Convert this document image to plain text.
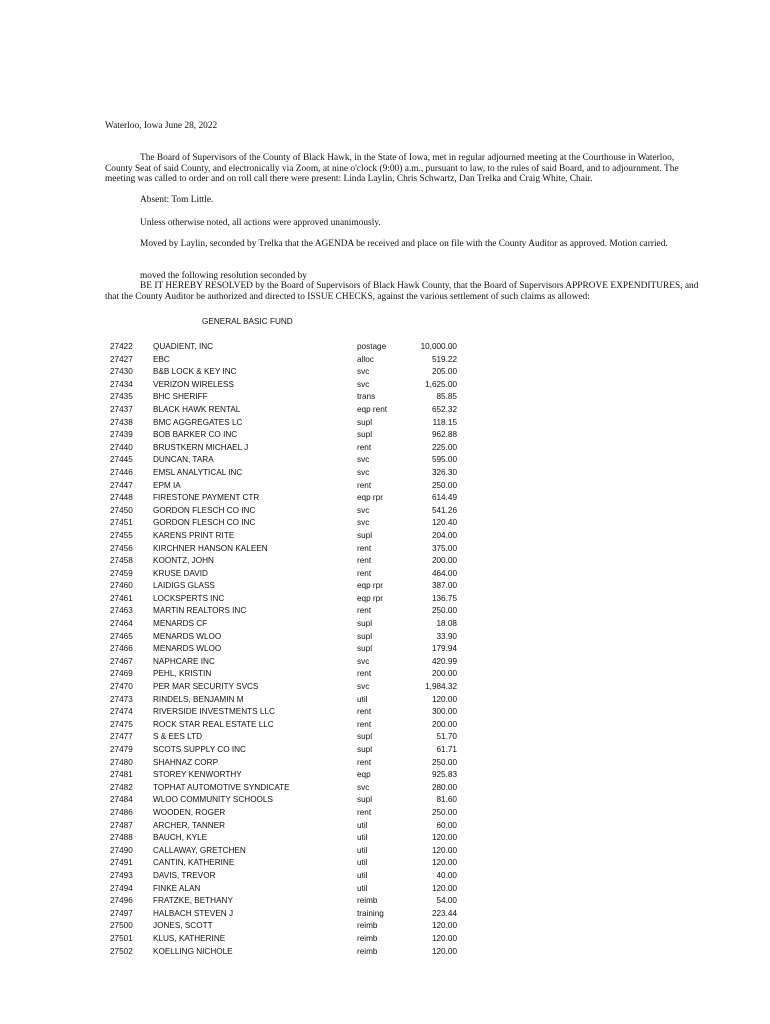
Waterloo, Iowa June 28, 2022

The Board of Supervisors of the County of Black Hawk, in the State of Iowa, met in regular adjourned meeting at the Courthouse in Waterloo, County Seat of said County, and electronically via Zoom, at nine o'clock (9:00) a.m., pursuant to law, to the rules of said Board, and to adjournment. The meeting was called to order and on roll call there were present: Linda Laylin, Chris Schwartz, Dan Trelka and Craig White, Chair.

Absent: Tom Little.

Unless otherwise noted, all actions were approved unanimously.

Moved by Laylin, seconded by Trelka that the AGENDA be received and place on file with the County Auditor as approved. Motion carried.

moved the following resolution seconded by

BE IT HEREBY RESOLVED by the Board of Supervisors of Black Hawk County, that the Board of Supervisors APPROVE EXPENDITURES, and that the County Auditor be authorized and directed to ISSUE CHECKS, against the various settlement of such claims as allowed:

GENERAL BASIC FUND

27422 QUADIENT, INC	postage	10,000.00
27427 EBC	alloc	519.22
27430 B&B LOCK & KEY INC	svc	205.00
27434 VERIZON WIRELESS	svc	1,625.00
27435 BHC SHERIFF	trans	85.85
27437 BLACK HAWK RENTAL	eqp rent	652.32
27438 BMC AGGREGATES LC	supl	118.15
27439 BOB BARKER CO INC	supl	962.88
27440 BRUSTKERN MICHAEL J	rent	225.00
27445 DUNCAN, TARA	svc	595.00
27446 EMSL ANALYTICAL INC	svc	326.30
27447 EPM IA	rent	250.00
27448 FIRESTONE PAYMENT CTR	eqp rpr	614.49
27450 GORDON FLESCH CO INC	svc	541.26
27451 GORDON FLESCH CO INC	svc	120.40
27455 KARENS PRINT RITE	supl	204.00
27456 KIRCHNER HANSON KALEEN	rent	375.00
27458 KOONTZ, JOHN	rent	200.00
27459 KRUSE DAVID	rent	464.00
27460 LAIDIGS GLASS	eqp rpr	387.00
27461 LOCKSPERTS INC	eqp rpr	136.75
27463 MARTIN REALTORS INC	rent	250.00
27464 MENARDS CF	supl	18.08
27465 MENARDS WLOO	supl	33.90
27466 MENARDS WLOO	supl	179.94
27467 NAPHCARE INC	svc	420.99
27469 PEHL, KRISTIN	rent	200.00
27470 PER MAR SECURITY SVCS	svc	1,984.32
27473 RINDELS, BENJAMIN M	util	120.00
27474 RIVERSIDE INVESTMENTS LLC	rent	300.00
27475 ROCK STAR REAL ESTATE LLC	rent	200.00
27477 S & EES LTD	supl	51.70
27479 SCOTS SUPPLY CO INC	supl	61.71
27480 SHAHNAZ CORP	rent	250.00
27481 STOREY KENWORTHY	eqp	925.83
27482 TOPHAT AUTOMOTIVE SYNDICATE	svc	280.00
27484 WLOO COMMUNITY SCHOOLS	supl	81.60
27486 WOODEN, ROGER	rent	250.00
27487 ARCHER, TANNER	util	60.00
27488 BAUCH, KYLE	util	120.00
27490 CALLAWAY, GRETCHEN	util	120.00
27491 CANTIN, KATHERINE	util	120.00
27493 DAVIS, TREVOR	util	40.00
27494 FINKE ALAN	util	120.00
27496 FRATZKE, BETHANY	reimb	54.00
27497 HALBACH STEVEN J	training	223.44
27500 JONES, SCOTT	reimb	120.00
27501 KLUS, KATHERINE	reimb	120.00
27502 KOELLING NICHOLE	reimb	120.00
